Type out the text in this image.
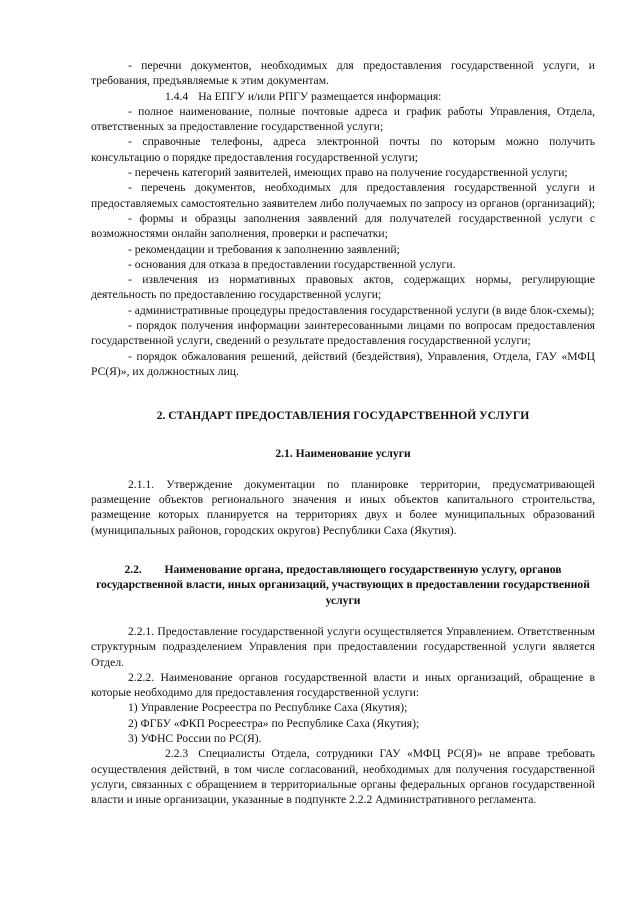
- перечни документов, необходимых для предоставления государственной услуги, и требования, предъявляемые к этим документам.

1.4.4 На ЕПГУ и/или РПГУ размещается информация:

- полное наименование, полные почтовые адреса и график работы Управления, Отдела, ответственных за предоставление государственной услуги;

- справочные телефоны, адреса электронной почты по которым можно получить консультацию о порядке предоставления государственной услуги;

- перечень категорий заявителей, имеющих право на получение государственной услуги;

- перечень документов, необходимых для предоставления государственной услуги и предоставляемых самостоятельно заявителем либо получаемых по запросу из органов (организаций);

- формы и образцы заполнения заявлений для получателей государственной услуги с возможностями онлайн заполнения, проверки и распечатки;

- рекомендации и требования к заполнению заявлений;

- основания для отказа в предоставлении государственной услуги.

- извлечения из нормативных правовых актов, содержащих нормы, регулирующие деятельность по предоставлению государственной услуги;

- административные процедуры предоставления государственной услуги (в виде блок-схемы);

- порядок получения информации заинтересованными лицами по вопросам предоставления государственной услуги, сведений о результате предоставления государственной услуги;

- порядок обжалования решений, действий (бездействия), Управления, Отдела, ГАУ «МФЦ РС(Я)», их должностных лиц.

2. СТАНДАРТ ПРЕДОСТАВЛЕНИЯ ГОСУДАРСТВЕННОЙ УСЛУГИ

2.1. Наименование услуги

2.1.1. Утверждение документации по планировке территории, предусматривающей размещение объектов регионального значения и иных объектов капитального строительства, размещение которых планируется на территориях двух и более муниципальных образований (муниципальных районов, городских округов) Республики Саха (Якутия).

2.2. Наименование органа, предоставляющего государственную услугу, органов государственной власти, иных организаций, участвующих в предоставлении государственной услуги

2.2.1. Предоставление государственной услуги осуществляется Управлением. Ответственным структурным подразделением Управления при предоставлении государственной услуги является Отдел.

2.2.2. Наименование органов государственной власти и иных организаций, обращение в которые необходимо для предоставления государственной услуги:

1) Управление Росреестра по Республике Саха (Якутия);

2) ФГБУ «ФКП Росреестра» по Республике Саха (Якутия);

3) УФНС России по РС(Я).

2.2.3 Специалисты Отдела, сотрудники ГАУ «МФЦ РС(Я)» не вправе требовать осуществления действий, в том числе согласований, необходимых для получения государственной услуги, связанных с обращением в территориальные органы федеральных органов государственной власти и иные организации, указанные в подпункте 2.2.2 Административного регламента.
